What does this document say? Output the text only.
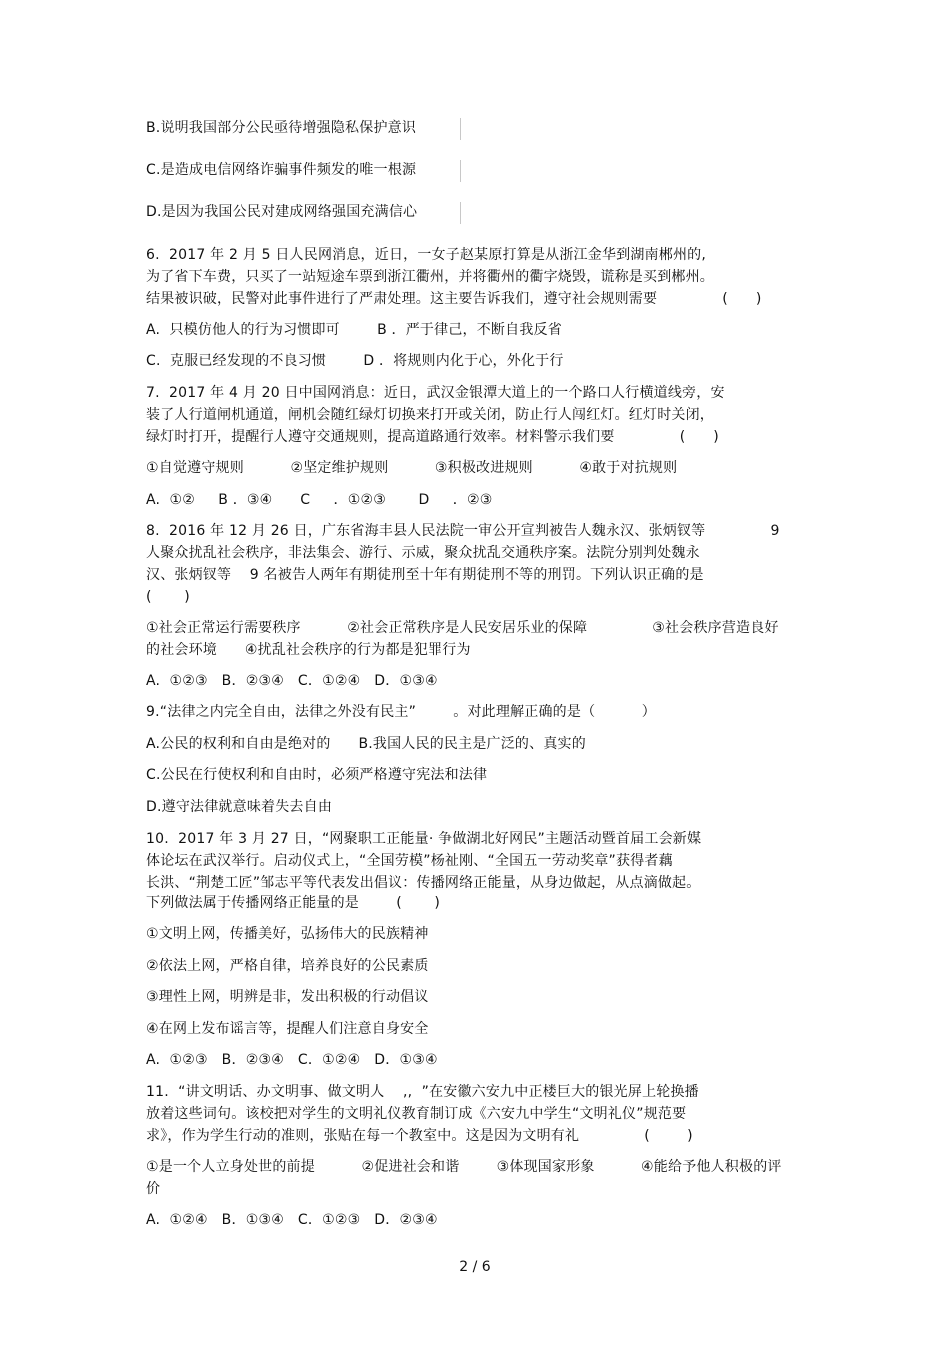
B.说明我国部分公民亟待增强隐私保护意识
C.是造成电信网络诈骗事件频发的唯一根源
D.是因为我国公民对建成网络强国充满信心
6.  2017 年 2 月 5 日人民网消息，近日，一女子赵某原打算是从浙江金华到湖南郴州的,
为了省下车费，只买了一站短途车票到浙江衢州，并将衢州的衢字烧毁，谎称是买到郴州。
结果被识破，民警对此事件进行了严肃处理。这主要告诉我们，遵守社会规则需要              (      )
A.  只模仿他人的行为习惯即可        B ．严于律己，不断自我反省
C.  克服已经发现的不良习惯        D ．将规则内化于心，外化于行
7.  2017 年 4 月 20 日中国网消息：近日，武汉金银潭大道上的一个路口人行横道线旁，安
装了人行道闸机通道，闸机会随红绿灯切换来打开或关闭，防止行人闯红灯。红灯时关闭，
绿灯时打开，提醒行人遵守交通规则，提高道路通行效率。材料警示我们要              (      )
①自觉遵守规则          ②坚定维护规则          ③积极改进规则          ④敢于对抗规则
A.  ①②     B ．③④      C     ．①②③       D     ．②③
8.  2016 年 12 月 26 日，广东省海丰县人民法院一审公开宣判被告人魏永汉、张炳钗等              9
人聚众扰乱社会秩序，非法集会、游行、示威，聚众扰乱交通秩序案。法院分别判处魏永
汉、张炳钗等    9 名被告人两年有期徒刑至十年有期徒刑不等的刑罚。下列认识正确的是
(       )
①社会正常运行需要秩序          ②社会正常秩序是人民安居乐业的保障              ③社会秩序营造良好
的社会环境      ④扰乱社会秩序的行为都是犯罪行为
A.  ①②③   B．②③④   C．①②④   D．①③④
9.“法律之内完全自由，法律之外没有民主”        。对此理解正确的是（          ）
A.公民的权利和自由是绝对的      B.我国人民的民主是广泛的、真实的
C.公民在行使权利和自由时，必须严格遵守宪法和法律
D.遵守法律就意味着失去自由
10.  2017 年 3 月 27 日，“网聚职工正能量· 争做湖北好网民”主题活动暨首届工会新媒
体论坛在武汉举行。启动仪式上，“全国劳模”杨祉刚、“全国五一劳动奖章”获得者藕
长洪、“荆楚工匠”邹志平等代表发出倡议：传播网络正能量，从身边做起，从点滴做起。
下列做法属于传播网络正能量的是        (       )
①文明上网，传播美好，弘扬伟大的民族精神
②依法上网，严格自律，培养良好的公民素质
③理性上网，明辨是非，发出积极的行动倡议
④在网上发布谣言等，提醒人们注意自身安全
A.  ①②③   B．②③④   C．①②④   D．①③④
11.  “讲文明话、办文明事、做文明人    ,,  ”在安徽六安九中正楼巨大的银光屏上轮换播
放着这些词句。该校把对学生的文明礼仪教育制订成《六安九中学生“文明礼仪”规范要
求》，作为学生行动的准则，张贴在每一个教室中。这是因为文明有礼              (        )
①是一个人立身处世的前提          ②促进社会和谐        ③体现国家形象          ④能给予他人积极的评
价
A.  ①②④   B．①③④   C．①②③   D．②③④
2 / 6
